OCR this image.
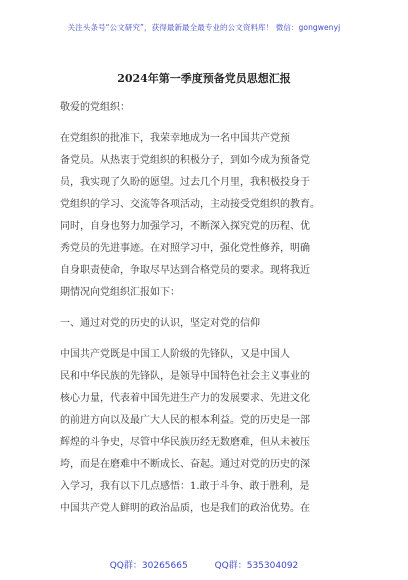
关注头条号“公文研究”，获得最新最全最专业的公文资料库！ 微信：gongwenyj
2024年第一季度预备党员思想汇报
敬爱的党组织：
在党组织的批准下，我荣幸地成为一名中国共产党预
备党员。从热衷于党组织的积极分子，到如今成为预备党
员，我实现了久盼的愿望。过去几个月里，我积极投身于
党组织的学习、交流等各项活动，主动接受党组织的教育。
同时，自身也努力加强学习，不断深入探究党的历程、优
秀党员的先进事迹。在对照学习中，强化党性修养，明确
自身职责使命，争取尽早达到合格党员的要求。现将我近
期情况向党组织汇报如下：
一、通过对党的历史的认识，坚定对党的信仰
中国共产党既是中国工人阶级的先锋队，又是中国人
民和中华民族的先锋队，是领导中国特色社会主义事业的
核心力量，代表着中国先进生产力的发展要求、先进文化
的前进方向以及最广大人民的根本利益。党的历史是一部
辉煌的斗争史，尽管中华民族历经无数磨难，但从未被压
垮，而是在磨难中不断成长、奋起。通过对党的历史的深
入学习，我有以下几点感悟：1.敢于斗争、敢于胜利，是
中国共产党人鲜明的政治品质，也是我们的政治优势。在
QQ群：30265665	QQ群：535304092
